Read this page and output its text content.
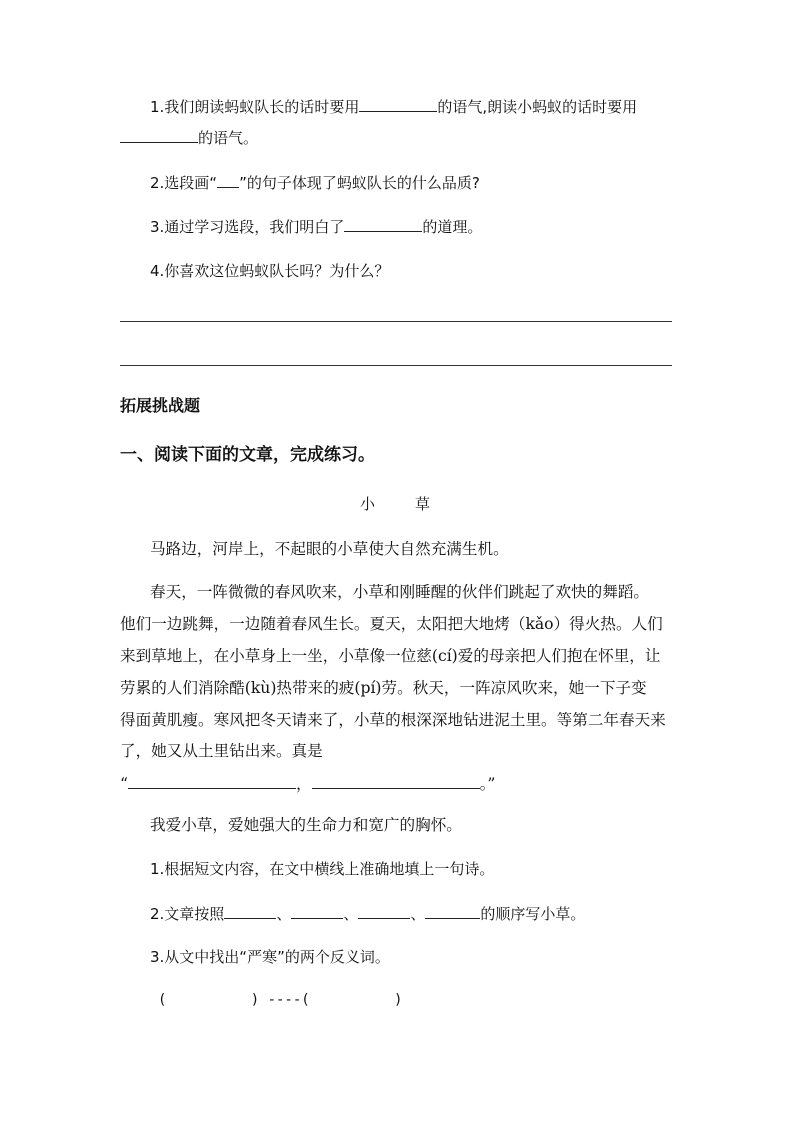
1.我们朗读蚂蚁队长的话时要用	的语气,朗读小蚂蚁的话时要用
的语气。
2.选段画“ ”的句子体现了蚂蚁队长的什么品质?
3.通过学习选段，我们明白了	的道理。
4.你喜欢这位蚂蚁队长吗？为什么？
拓展挑战题
一、阅读下面的文章，完成练习。
小	草
马路边，河岸上，不起眼的小草使大自然充满生机。
春天，一阵微微的春风吹来，小草和刚睡醒的伙伴们跳起了欢快的舞蹈。
他们一边跳舞，一边随着春风生长。夏天，太阳把大地烤（kǎo）得火热。人们
来到草地上，在小草身上一坐，小草像一位慈(cí)爱的母亲把人们抱在怀里，让
劳累的人们消除酷(kù)热带来的疲(pí)劳。秋天，一阵凉风吹来，她一下子变
得面黄肌瘦。寒风把冬天请来了，小草的根深深地钻进泥土里。等第二年春天来
了，她又从土里钻出来。真是
“	，	。”
我爱小草，爱她强大的生命力和宽广的胸怀。
1.根据短文内容，在文中横线上准确地填上一句诗。
2.文章按照	、	、	、	的顺序写小草。
3.从文中找出“严寒”的两个反义词。
(          ) ----(          )
